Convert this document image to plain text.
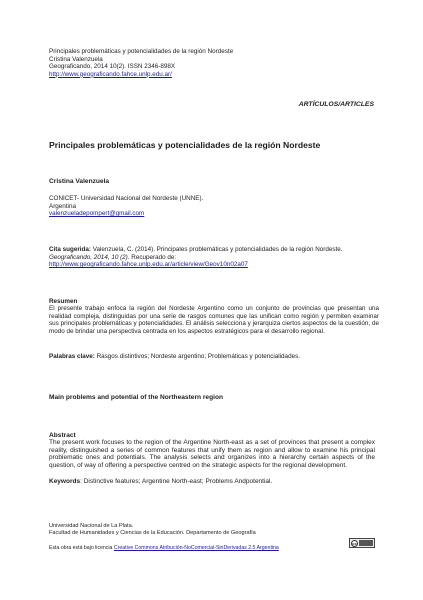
Principales problemáticas y potencialidades de la región Nordeste
Cristina Valenzuela
Geograficando, 2014 10(2). ISSN 2346-898X
http://www.geograficando.fahce.unlp.edu.ar/
ARTÍCULOS/ARTICLES
Principales problemáticas y potencialidades de la región Nordeste
Cristina Valenzuela
CONICET- Universidad Nacional del Nordeste (UNNE).
Argentina
valenzueladepompert@gmail.com
Cita sugerida: Valenzuela, C. (2014). Principales problemáticas y potencialidades de la región Nordeste.
Geograficando, 2014, 10 (2). Recuperado de:
http://www.geograficando.fahce.unlp.edu.ar/article/view/Geov10n02a07
Resumen
El presente trabajo enfoca la región del Nordeste Argentino como un conjunto de provincias que presentan una realidad compleja, distinguidas por una serie de rasgos comunes que las unifican como región y permiten examinar sus principales problemáticas y potencialidades. El análisis selecciona y jerarquiza ciertos aspectos de la cuestión, de modo de brindar una perspectiva centrada en los aspectos estratégicos para el desarrollo regional.
Palabras clave: Rasgos distintivos; Nordeste argentino; Problemáticas y potencialidades.
Main problems and potential of the Northeastern region
Abstract
The present work focuses to the region of the Argentine North-east as a set of provinces that present a complex reality, distinguished a series of common features that unify them as region and allow to examine his principal problematic ones and potentials. The analysis selects and organizes into a hierarchy certain aspects of the question, of way of offering a perspective centred on the strategic aspects for the regional development.
Keywords: Distinctive features; Argentine North-east; Problems Andpotential.
Universidad Nacional de La Plata.
Facultad de Humanidades y Ciencias de la Educación. Departamento de Geografía
Esta obra está bajo licencia Creative Commons Atribución-NoComercial-SinDerivadas 2.5 Argentina
cc
